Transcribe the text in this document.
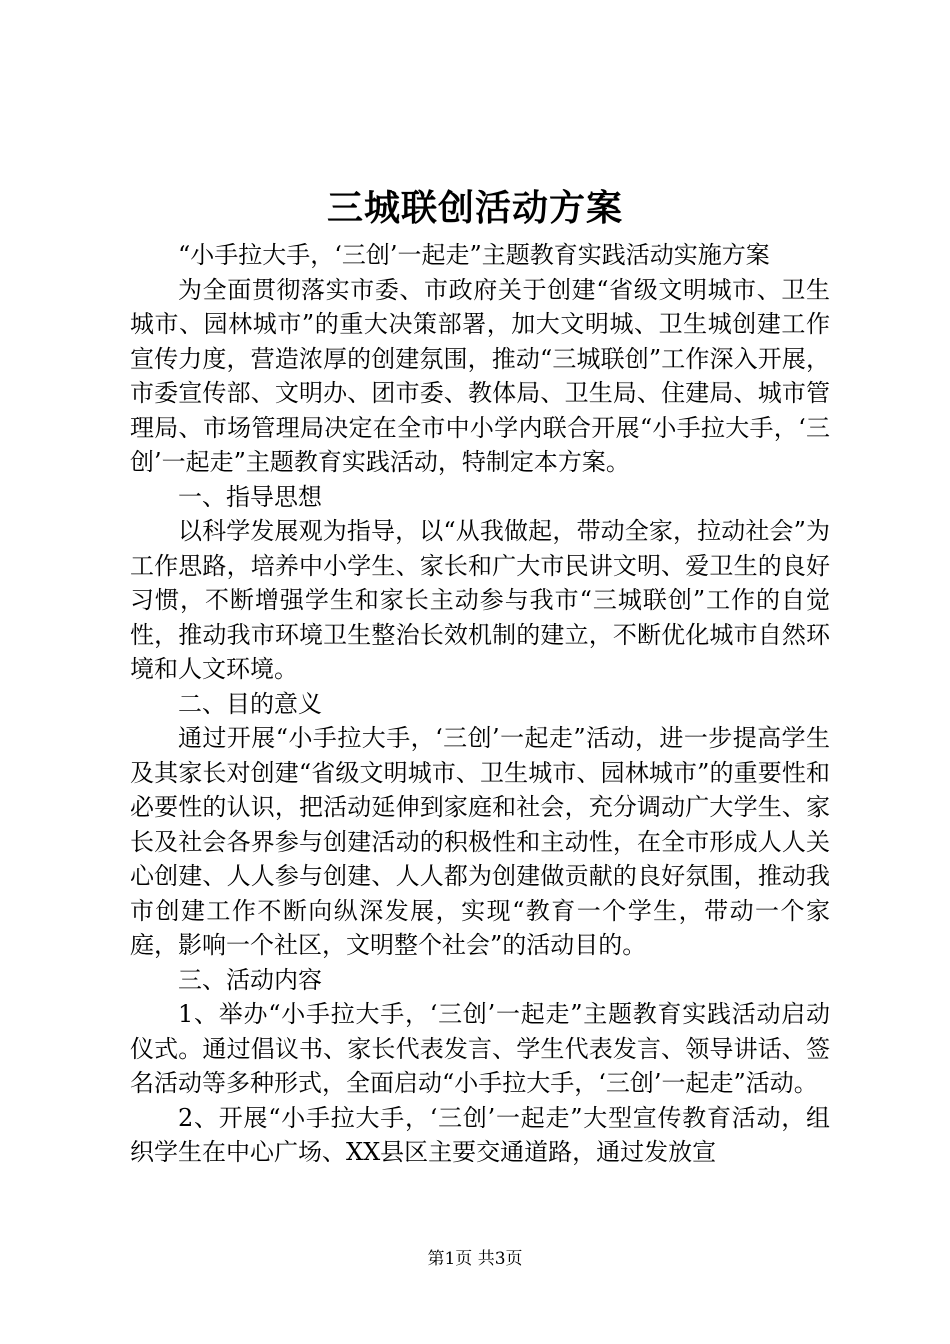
三城联创活动方案

“小手拉大手，‘三创’一起走”主题教育实践活动实施方案

为全面贯彻落实市委、市政府关于创建“省级文明城市、卫生城市、园林城市”的重大决策部署，加大文明城、卫生城创建工作宣传力度，营造浓厚的创建氛围，推动“三城联创”工作深入开展，市委宣传部、文明办、团市委、教体局、卫生局、住建局、城市管理局、市场管理局决定在全市中小学内联合开展“小手拉大手，‘三创’一起走”主题教育实践活动，特制定本方案。

一、指导思想

以科学发展观为指导，以“从我做起，带动全家，拉动社会”为工作思路，培养中小学生、家长和广大市民讲文明、爱卫生的良好习惯，不断增强学生和家长主动参与我市“三城联创”工作的自觉性，推动我市环境卫生整治长效机制的建立，不断优化城市自然环境和人文环境。

二、目的意义

通过开展“小手拉大手，‘三创’一起走”活动，进一步提高学生及其家长对创建“省级文明城市、卫生城市、园林城市”的重要性和必要性的认识，把活动延伸到家庭和社会，充分调动广大学生、家长及社会各界参与创建活动的积极性和主动性，在全市形成人人关心创建、人人参与创建、人人都为创建做贡献的良好氛围，推动我市创建工作不断向纵深发展，实现“教育一个学生，带动一个家庭，影响一个社区，文明整个社会”的活动目的。

三、活动内容

1、举办“小手拉大手，‘三创’一起走”主题教育实践活动启动仪式。通过倡议书、家长代表发言、学生代表发言、领导讲话、签名活动等多种形式，全面启动“小手拉大手，‘三创’一起走”活动。

2、开展“小手拉大手，‘三创’一起走”大型宣传教育活动，组织学生在中心广场、XX县区主要交通道路，通过发放宣

第1页 共3页
